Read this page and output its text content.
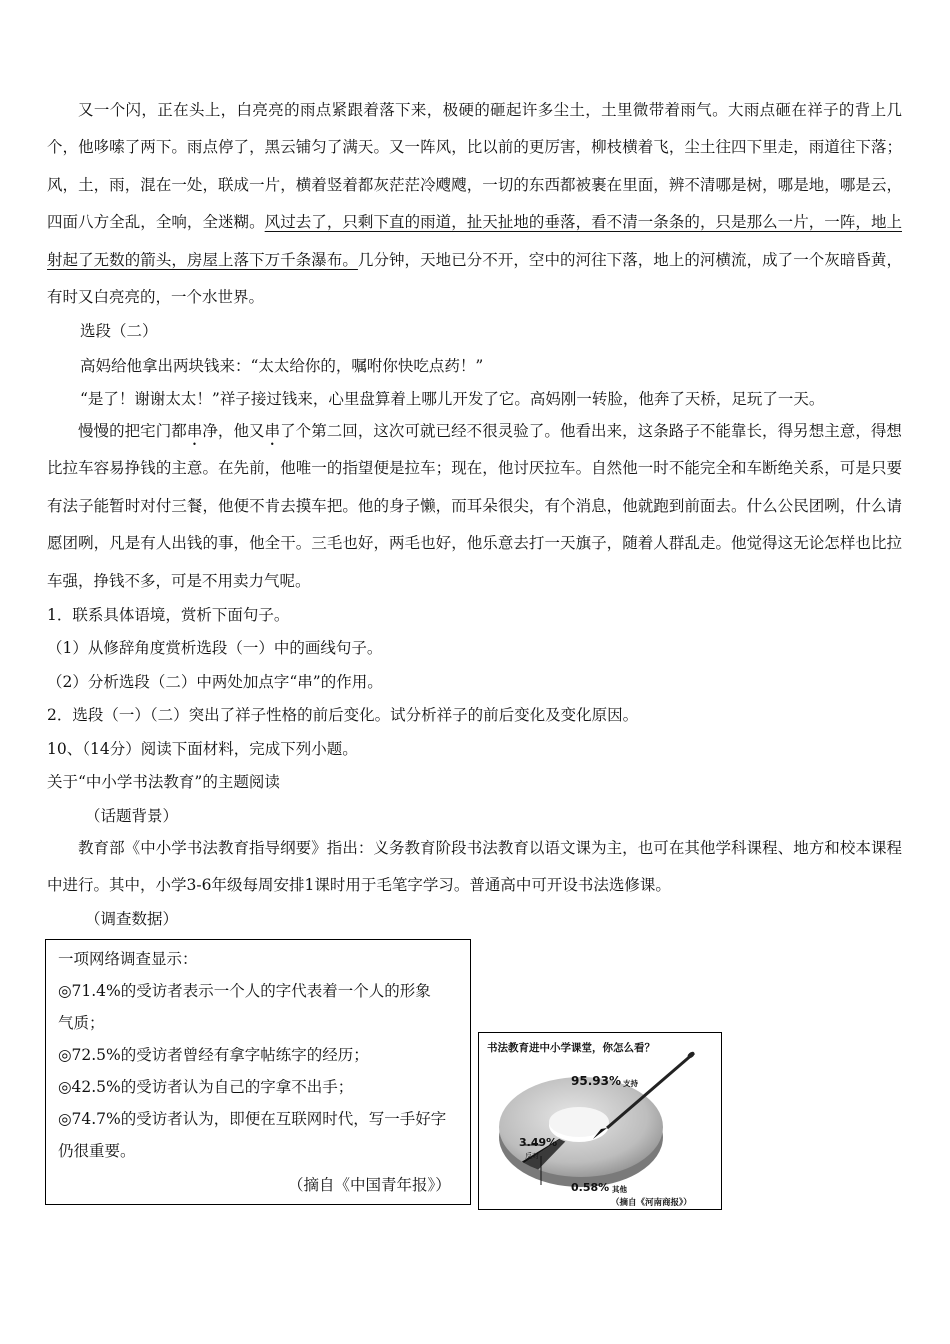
又一个闪，正在头上，白亮亮的雨点紧跟着落下来，极硬的砸起许多尘土，土里微带着雨气。大雨点砸在祥子的背上几个，他哆嗦了两下。雨点停了，黑云铺匀了满天。又一阵风，比以前的更厉害，柳枝横着飞，尘土往四下里走，雨道往下落；风，土，雨，混在一处，联成一片，横着竖着都灰茫茫冷飕飕，一切的东西都被裹在里面，辨不清哪是树，哪是地，哪是云，四面八方全乱，全响，全迷糊。风过去了，只剩下直的雨道，扯天扯地的垂落，看不清一条条的，只是那么一片，一阵，地上射起了无数的箭头，房屋上落下万千条瀑布。几分钟，天地已分不开，空中的河往下落，地上的河横流，成了一个灰暗昏黄，有时又白亮亮的，一个水世界。

选段（二）
高妈给他拿出两块钱来：“太太给你的，嘱咐你快吃点药！”
“是了！谢谢太太！”祥子接过钱来，心里盘算着上哪儿开发了它。高妈刚一转脸，他奔了天桥，足玩了一天。

慢慢的把宅门都串净，他又串了个第二回，这次可就已经不很灵验了。他看出来，这条路子不能靠长，得另想主意，得想比拉车容易挣钱的主意。在先前，他唯一的指望便是拉车；现在，他讨厌拉车。自然他一时不能完全和车断绝关系，可是只要有法子能暂时对付三餐，他便不肯去摸车把。他的身子懒，而耳朵很尖，有个消息，他就跑到前面去。什么公民团咧，什么请愿团咧，凡是有人出钱的事，他全干。三毛也好，两毛也好，他乐意去打一天旗子，随着人群乱走。他觉得这无论怎样也比拉车强，挣钱不多，可是不用卖力气呢。

1．联系具体语境，赏析下面句子。
（1）从修辞角度赏析选段（一）中的画线句子。
（2）分析选段（二）中两处加点字“串”的作用。
2．选段（一）（二）突出了祥子性格的前后变化。试分析祥子的前后变化及变化原因。
10、（14分）阅读下面材料，完成下列小题。
关于“中小学书法教育”的主题阅读
（话题背景）

教育部《中小学书法教育指导纲要》指出：义务教育阶段书法教育以语文课为主，也可在其他学科课程、地方和校本课程中进行。其中，小学3-6年级每周安排1课时用于毛笔字学习。普通高中可开设书法选修课。

（调查数据）
一项网络调查显示：
◎71.4%的受访者表示一个人的字代表着一个人的形象
气质；
◎72.5%的受访者曾经有拿字帖练字的经历；
◎42.5%的受访者认为自己的字拿不出手；
◎74.7%的受访者认为，即便在互联网时代，写一手好字
仍很重要。
（摘自《中国青年报》）
书法教育进中小学课堂，你怎么看？
95.93% 支持
3.49%
反对
0.58% 其他
（摘自《河南商报》）
